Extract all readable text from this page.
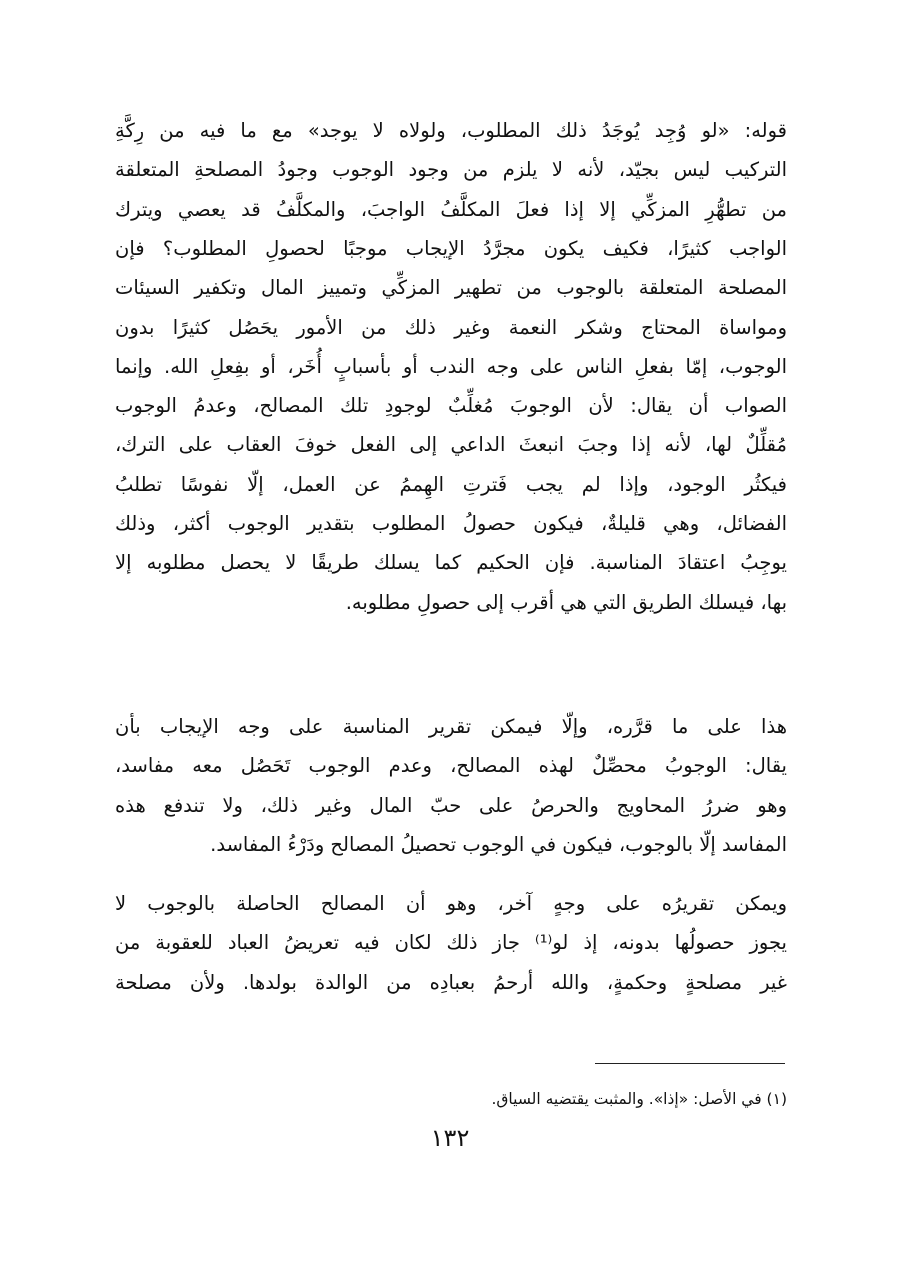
قوله: «لو وُجِد يُوجَدُ ذلك المطلوب، ولولاه لا يوجد» مع ما فيه من رِكَّةِ
التركيب ليس بجيّد، لأنه لا يلزم من وجود الوجوب وجودُ المصلحةِ المتعلقة
من تطهُّرِ المزكِّي إلا إذا فعلَ المكلَّفُ الواجبَ، والمكلَّفُ قد يعصي ويترك
الواجب كثيرًا، فكيف يكون مجرَّدُ الإيجاب موجبًا لحصولِ المطلوب؟ فإن
المصلحة المتعلقة بالوجوب من تطهير المزكِّي وتمييز المال وتكفير السيئات
ومواساة المحتاج وشكر النعمة وغير ذلك من الأمور يحَصُل كثيرًا بدون
الوجوب، إمّا بفعلِ الناس على وجه الندب أو بأسبابٍ أُخَر، أو بفِعلِ الله. وإنما
الصواب أن يقال: لأن الوجوبَ مُغلِّبٌ لوجودِ تلك المصالح، وعدمُ الوجوب
مُقلِّلٌ لها، لأنه إذا وجبَ انبعثَ الداعي إلى الفعل خوفَ العقاب على الترك،
فيكثُر الوجود، وإذا لم يجب فَترتِ الهِممُ عن العمل، إلّا نفوسًا تطلبُ
الفضائل، وهي قليلةٌ، فيكون حصولُ المطلوب بتقدير الوجوب أكثر، وذلك
يوجِبُ اعتقادَ المناسبة. فإن الحكيم كما يسلك طريقًا لا يحصل مطلوبه إلا
بها، فيسلك الطريق التي هي أقرب إلى حصولِ مطلوبه.
هذا على ما قرَّره، وإلّا فيمكن تقرير المناسبة على وجه الإيجاب بأن
يقال: الوجوبُ محصِّلٌ لهذه المصالح، وعدم الوجوب تَحَصُل معه مفاسد،
وهو ضررُ المحاويج والحرصُ على حبّ المال وغير ذلك، ولا تندفع هذه
المفاسد إلّا بالوجوب، فيكون في الوجوب تحصيلُ المصالح ودَرْءُ المفاسد.
ويمكن تقريرُه على وجهٍ آخر، وهو أن المصالح الحاصلة بالوجوب لا
يجوز حصولُها بدونه، إذ لو⁽¹⁾ جاز ذلك لكان فيه تعريضُ العباد للعقوبة من
غير مصلحةٍ وحكمةٍ، والله أرحمُ بعبادِه من الوالدة بولدها. ولأن مصلحة
(١) في الأصل: «إذا». والمثبت يقتضيه السياق.
١٣٢
